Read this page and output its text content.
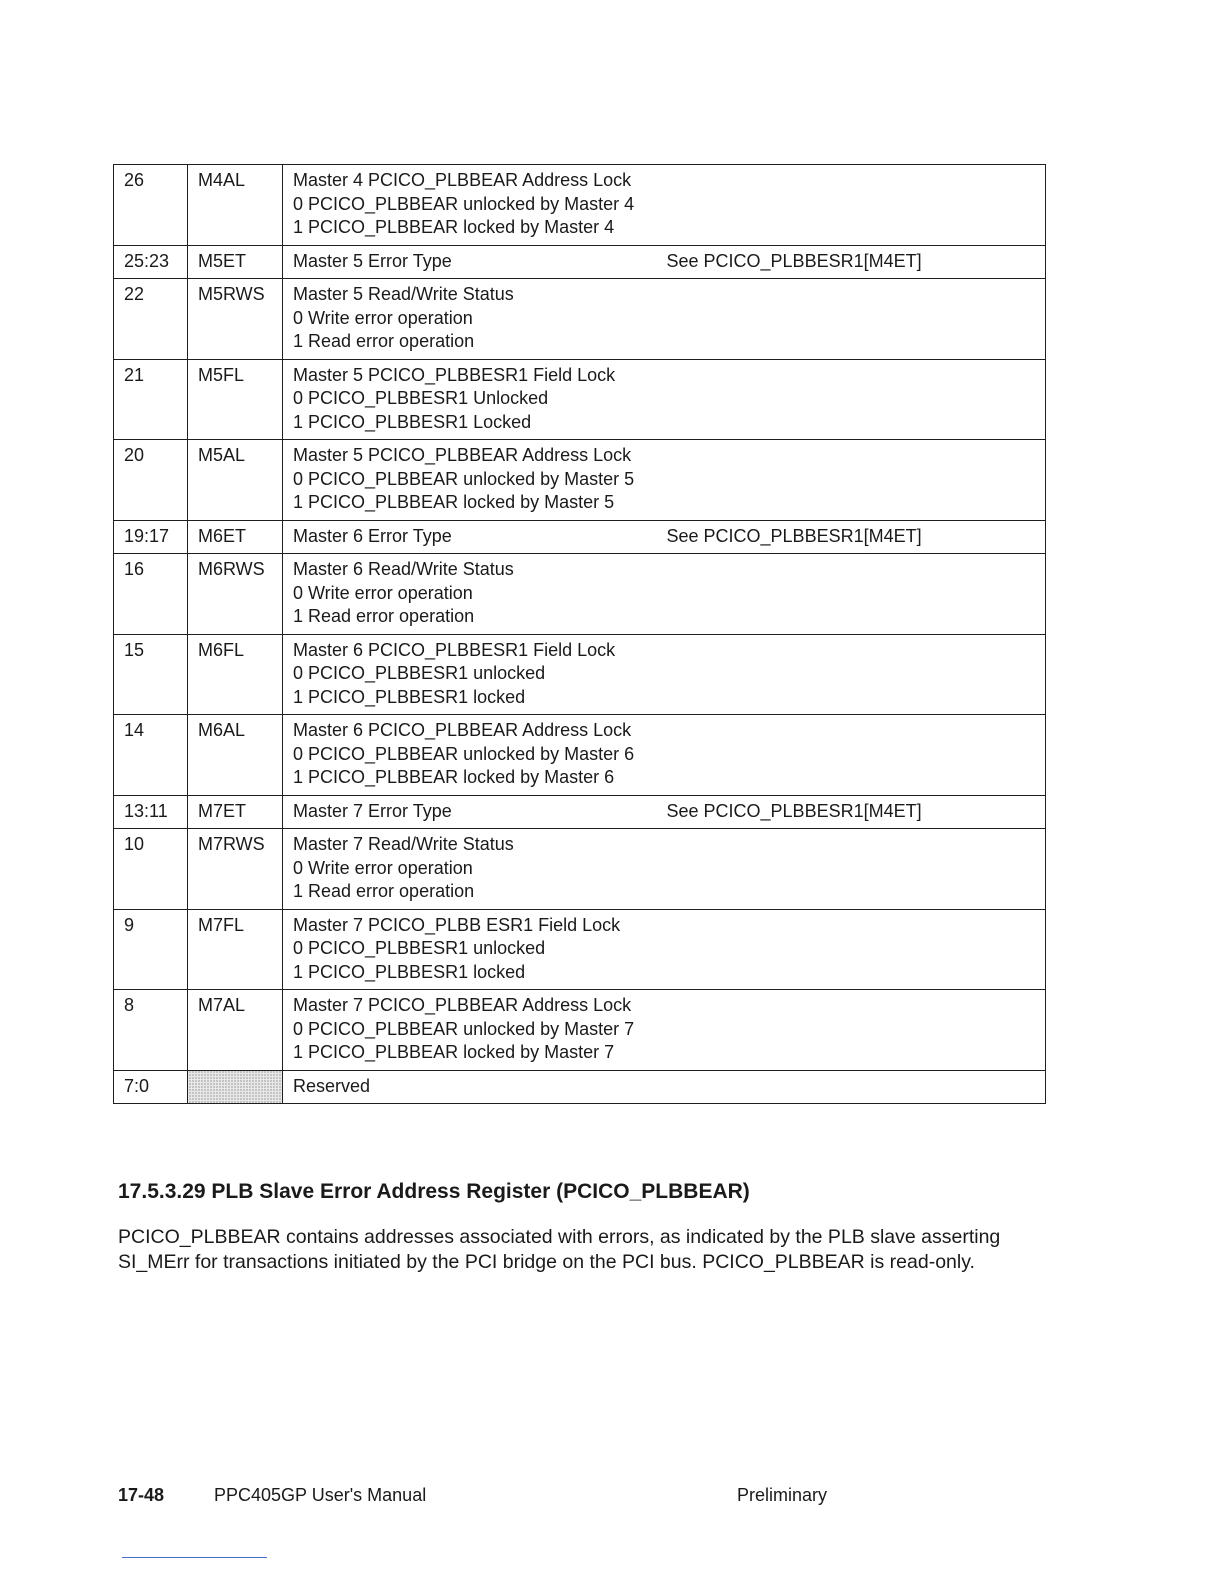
26	M4AL	Master 4 PCICO_PLBBEAR Address Lock
0 PCICO_PLBBEAR unlocked by Master 4
1 PCICO_PLBBEAR locked by Master 4	

25:23	M5ET	Master 5 Error Type	See PCICO_PLBBESR1[M4ET]
22	M5RWS	Master 5 Read/Write Status
0 Write error operation
1 Read error operation	

21	M5FL	Master 5 PCICO_PLBBESR1 Field Lock
0 PCICO_PLBBESR1 Unlocked
1 PCICO_PLBBESR1 Locked	

20	M5AL	Master 5 PCICO_PLBBEAR Address Lock
0 PCICO_PLBBEAR unlocked by Master 5
1 PCICO_PLBBEAR locked by Master 5	

19:17	M6ET	Master 6 Error Type	See PCICO_PLBBESR1[M4ET]
16	M6RWS	Master 6 Read/Write Status
0 Write error operation
1 Read error operation	

15	M6FL	Master 6 PCICO_PLBBESR1 Field Lock
0 PCICO_PLBBESR1 unlocked
1 PCICO_PLBBESR1 locked	

14	M6AL	Master 6 PCICO_PLBBEAR Address Lock
0 PCICO_PLBBEAR unlocked by Master 6
1 PCICO_PLBBEAR locked by Master 6	

13:11	M7ET	Master 7 Error Type	See PCICO_PLBBESR1[M4ET]
10	M7RWS	Master 7 Read/Write Status
0 Write error operation
1 Read error operation	

9	M7FL	Master 7 PCICO_PLBB ESR1 Field Lock
0 PCICO_PLBBESR1 unlocked
1 PCICO_PLBBESR1 locked	

8	M7AL	Master 7 PCICO_PLBBEAR Address Lock
0 PCICO_PLBBEAR unlocked by Master 7
1 PCICO_PLBBEAR locked by Master 7	

7:0		Reserved	

17.5.3.29 PLB Slave Error Address Register (PCICO_PLBBEAR)

PCICO_PLBBEAR contains addresses associated with errors, as indicated by the PLB slave asserting SI_MErr for transactions initiated by the PCI bridge on the PCI bus. PCICO_PLBBEAR is read-only.

17-48	PPC405GP User's Manual	Preliminary
